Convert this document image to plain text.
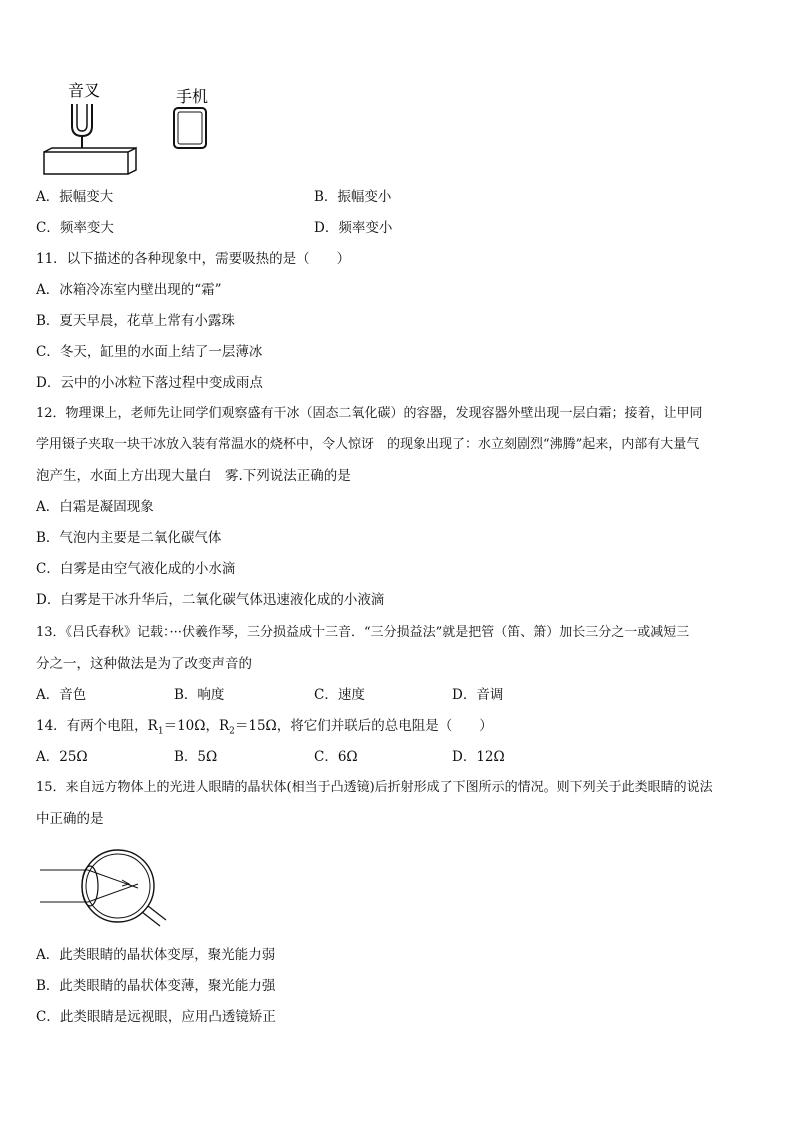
音叉	手机
A．振幅变大	B．振幅变小
C．频率变大	D．频率变小
11．以下描述的各种现象中，需要吸热的是（　　）
A．冰箱冷冻室内壁出现的“霜”
B．夏天早晨，花草上常有小露珠
C．冬天，缸里的水面上结了一层薄冰
D．云中的小冰粒下落过程中变成雨点
12．物理课上，老师先让同学们观察盛有干冰（固态二氧化碳）的容器，发现容器外壁出现一层白霜；接着，让甲同
学用镊子夹取一块干冰放入装有常温水的烧杯中，令人惊讶　的现象出现了：水立刻剧烈“沸腾”起来，内部有大量气
泡产生，水面上方出现大量白　雾.下列说法正确的是
A．白霜是凝固现象
B．气泡内主要是二氧化碳气体
C．白雾是由空气液化成的小水滴
D．白雾是干冰升华后，二氧化碳气体迅速液化成的小液滴
13．《吕氏春秋》记载：···伏羲作琴，三分损益成十三音．“三分损益法”就是把管（笛、箫）加长三分之一或减短三
分之一，这种做法是为了改变声音的
A．音色	B．响度	C．速度	D．音调
14．有两个电阻，$R_1=10\Omega$，$R_2=15\Omega$，将它们并联后的总电阻是（　　）
A．25Ω	B．5Ω	C．6Ω	D．12Ω
15．来自远方物体上的光进人眼睛的晶状体(相当于凸透镜)后折射形成了下图所示的情况。则下列关于此类眼睛的说法
中正确的是
A．此类眼睛的晶状体变厚，聚光能力弱
B．此类眼睛的晶状体变薄，聚光能力强
C．此类眼睛是远视眼，应用凸透镜矫正
